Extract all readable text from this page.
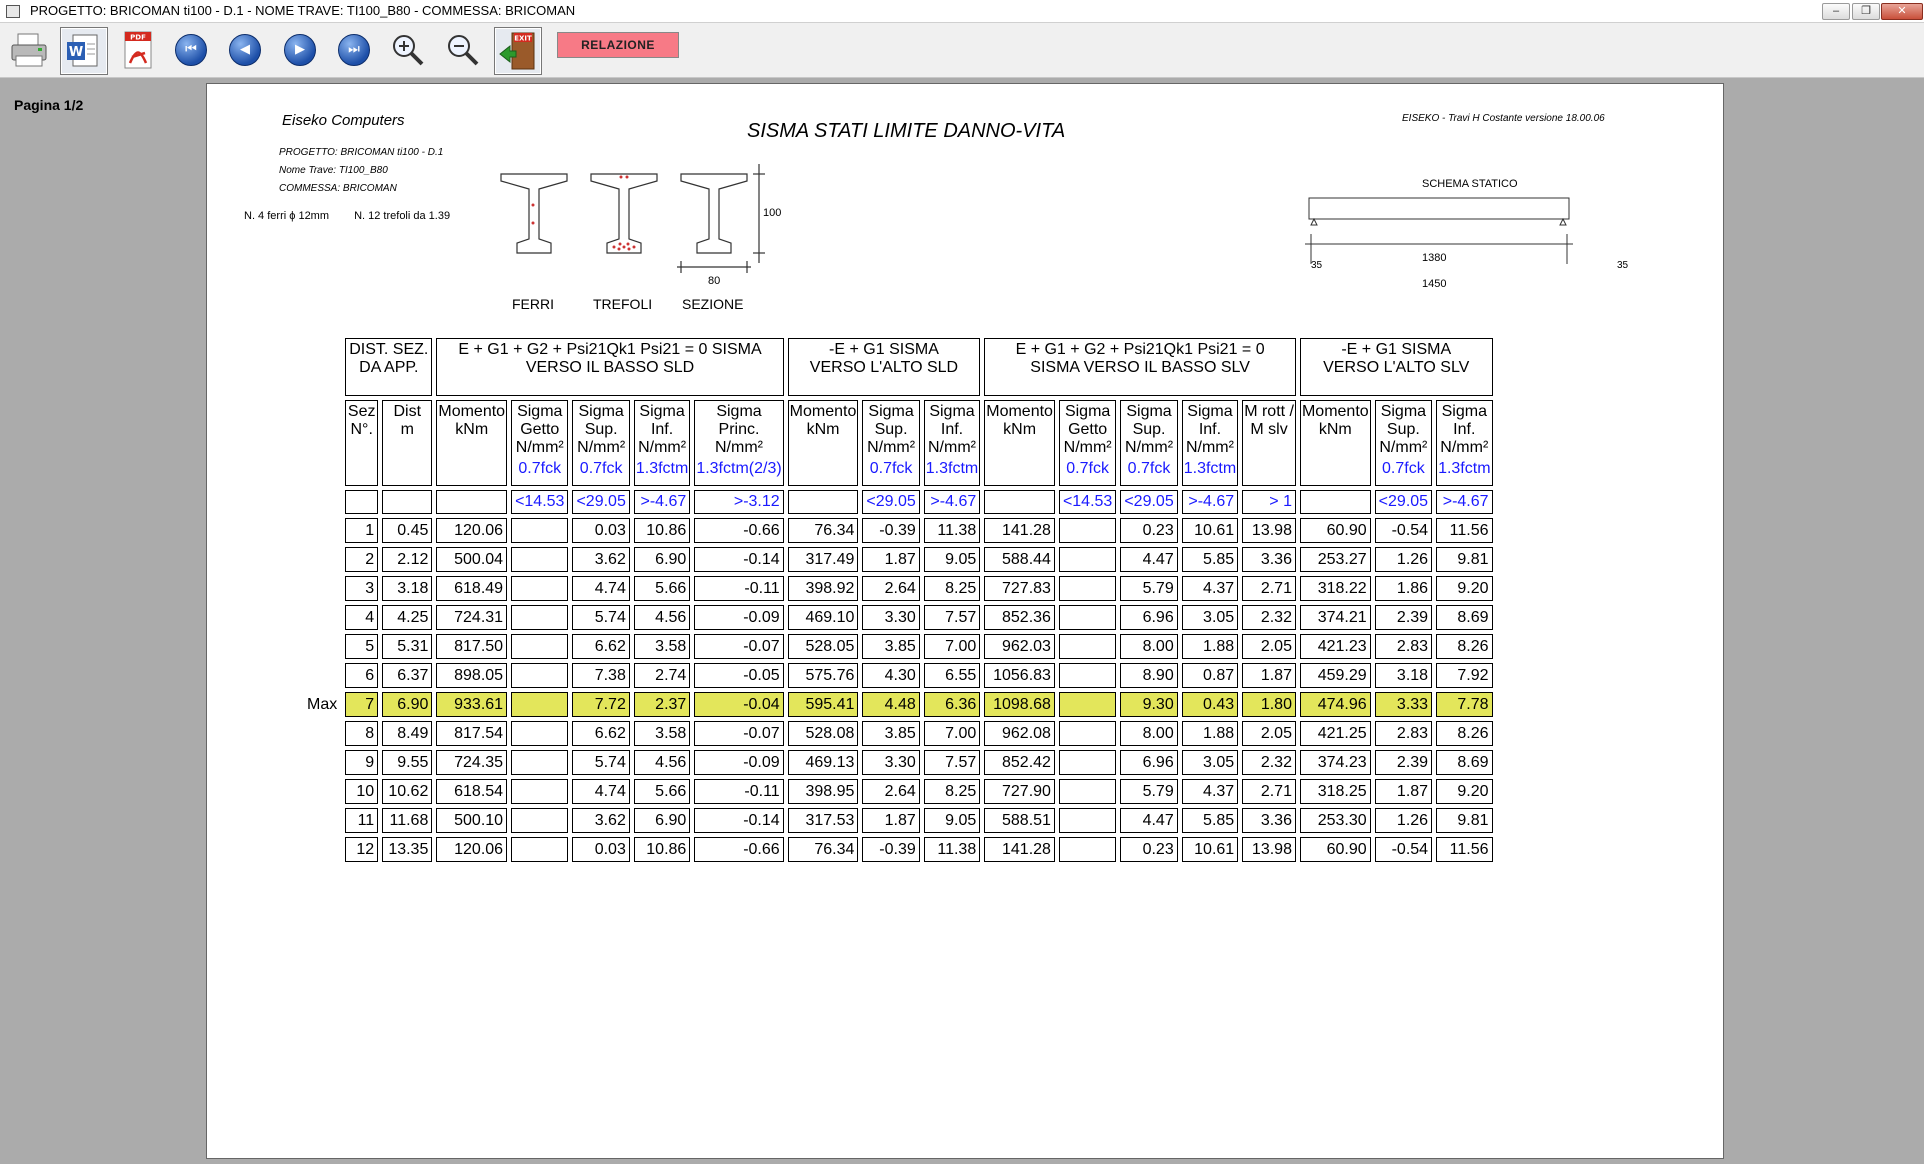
PROGETTO: BRICOMAN ti100 - D.1 - NOME TRAVE: TI100_B80 - COMMESSA: BRICOMAN	–	❐	✕
W
PDF
⏮	◀	▶	⏭
EXIT	RELAZIONE
Pagina 1/2
Eiseko Computers	SISMA STATI LIMITE DANNO-VITA
EISEKO - Travi H Costante versione 18.00.06
PROGETTO: BRICOMAN ti100 - D.1
Nome Trave: TI100_B80
COMMESSA: BRICOMAN
N. 4 ferri ϕ 12mm N. 12 trefoli da 1.39	100
80
FERRI	TREFOLI SEZIONE
SCHEMA STATICO
35
1380
35
1450
	DIST. SEZ.
DA APP.		E + G1 + G2 + Psi21Qk1 Psi21 = 0 SISMA
VERSO IL BASSO SLD					-E + G1 SISMA
VERSO L'ALTO SLD			E + G1 + G2 + Psi21Qk1 Psi21 = 0
SISMA VERSO IL BASSO SLV					-E + G1 SISMA
VERSO L'ALTO SLV		

	Sez
N°.	Dist
m	Momento
kNm	Sigma
Getto
N/mm²
0.7fck	Sigma
Sup.
N/mm²
0.7fck	Sigma
Inf.
N/mm²
1.3fctm	Sigma
Princ.
N/mm²
1.3fctm(2/3)	Momento
kNm	Sigma
Sup.
N/mm²
0.7fck	Sigma
Inf.
N/mm²
1.3fctm	Momento
kNm	Sigma
Getto
N/mm²
0.7fck	Sigma
Sup.
N/mm²
0.7fck	Sigma
Inf.
N/mm²
1.3fctm	M rott /
M slv	Momento
kNm	Sigma
Sup.
N/mm²
0.7fck	Sigma
Inf.
N/mm²
1.3fctm

				<14.53	<29.05	>-4.67	>-3.12		<29.05	>-4.67		<14.53	<29.05	>-4.67	> 1		<29.05	>-4.67
	1	0.45	120.06		0.03	10.86	-0.66	76.34	-0.39	11.38	141.28		0.23	10.61	13.98	60.90	-0.54	11.56
	2	2.12	500.04		3.62	6.90	-0.14	317.49	1.87	9.05	588.44		4.47	5.85	3.36	253.27	1.26	9.81
	3	3.18	618.49		4.74	5.66	-0.11	398.92	2.64	8.25	727.83		5.79	4.37	2.71	318.22	1.86	9.20
	4	4.25	724.31		5.74	4.56	-0.09	469.10	3.30	7.57	852.36		6.96	3.05	2.32	374.21	2.39	8.69
	5	5.31	817.50		6.62	3.58	-0.07	528.05	3.85	7.00	962.03		8.00	1.88	2.05	421.23	2.83	8.26
	6	6.37	898.05		7.38	2.74	-0.05	575.76	4.30	6.55	1056.83		8.90	0.87	1.87	459.29	3.18	7.92
Max	7	6.90	933.61		7.72	2.37	-0.04	595.41	4.48	6.36	1098.68		9.30	0.43	1.80	474.96	3.33	7.78
	8	8.49	817.54		6.62	3.58	-0.07	528.08	3.85	7.00	962.08		8.00	1.88	2.05	421.25	2.83	8.26
	9	9.55	724.35		5.74	4.56	-0.09	469.13	3.30	7.57	852.42		6.96	3.05	2.32	374.23	2.39	8.69
	10	10.62	618.54		4.74	5.66	-0.11	398.95	2.64	8.25	727.90		5.79	4.37	2.71	318.25	1.87	9.20
	11	11.68	500.10		3.62	6.90	-0.14	317.53	1.87	9.05	588.51		4.47	5.85	3.36	253.30	1.26	9.81
	12	13.35	120.06		0.03	10.86	-0.66	76.34	-0.39	11.38	141.28		0.23	10.61	13.98	60.90	-0.54	11.56
